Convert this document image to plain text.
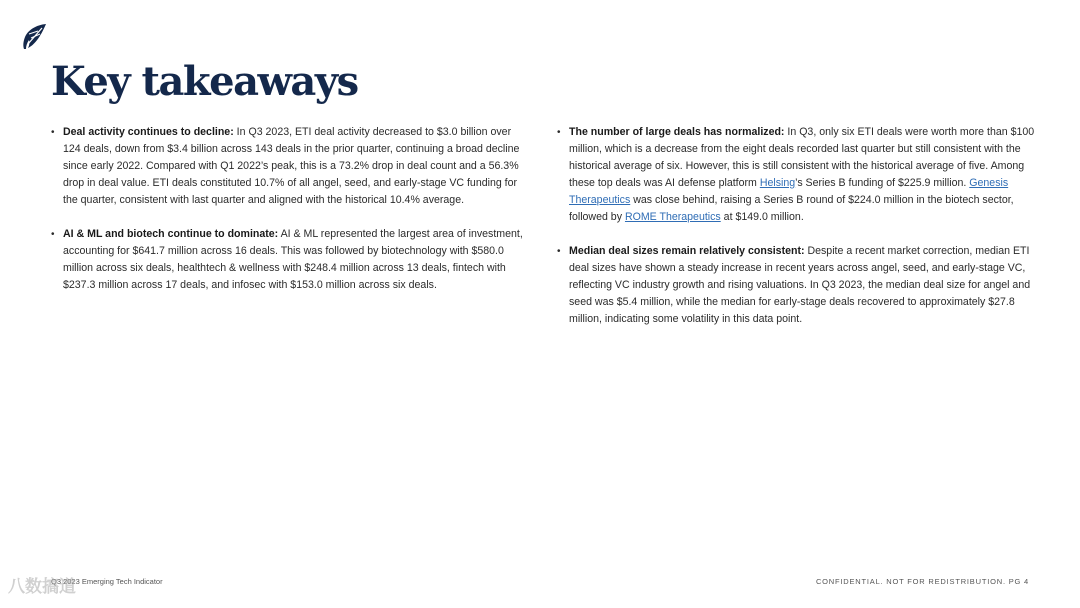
Key takeaways
• Deal activity continues to decline: In Q3 2023, ETI deal activity decreased to $3.0 billion over 124 deals, down from $3.4 billion across 143 deals in the prior quarter, continuing a broad decline since early 2022. Compared with Q1 2022’s peak, this is a 73.2% drop in deal count and a 56.3% drop in deal value. ETI deals constituted 10.7% of all angel, seed, and early-stage VC funding for the quarter, consistent with last quarter and aligned with the historical 10.4% average.
• AI & ML and biotech continue to dominate: AI & ML represented the largest area of investment, accounting for $641.7 million across 16 deals. This was followed by biotechnology with $580.0 million across six deals, healthtech & wellness with $248.4 million across 13 deals, fintech with $237.3 million across 17 deals, and infosec with $153.0 million across six deals.
• The number of large deals has normalized: In Q3, only six ETI deals were worth more than $100 million, which is a decrease from the eight deals recorded last quarter but still consistent with the historical average of six. However, this is still consistent with the historical average of five. Among these top deals was AI defense platform Helsing’s Series B funding of $225.9 million. Genesis Therapeutics was close behind, raising a Series B round of $224.0 million in the biotech sector, followed by ROME Therapeutics at $149.0 million.
• Median deal sizes remain relatively consistent: Despite a recent market correction, median ETI deal sizes have shown a steady increase in recent years across angel, seed, and early-stage VC, reflecting VC industry growth and rising valuations. In Q3 2023, the median deal size for angel and seed was $5.4 million, while the median for early-stage deals recovered to approximately $27.8 million, indicating some volatility in this data point.
Q3 2023 Emerging Tech Indicator	CONFIDENTIAL. NOT FOR REDISTRIBUTION. PG 4
八数搞道
